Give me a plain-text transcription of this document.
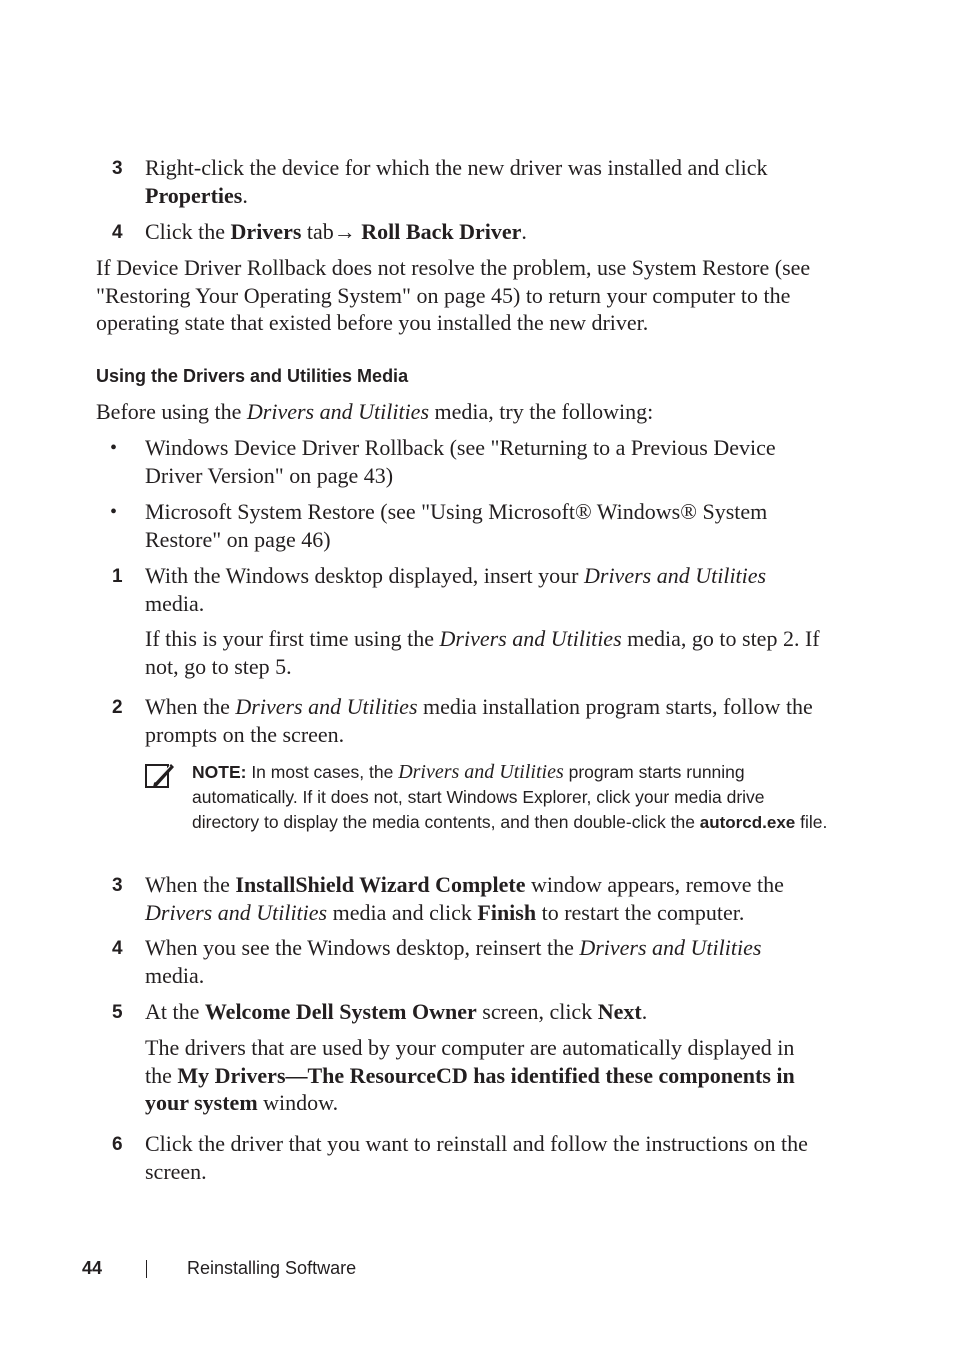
3 Right-click the device for which the new driver was installed and click Properties.
4 Click the Drivers tab→ Roll Back Driver.
If Device Driver Rollback does not resolve the problem, use System Restore (see "Restoring Your Operating System" on page 45) to return your computer to the operating state that existed before you installed the new driver.
Using the Drivers and Utilities Media
Before using the Drivers and Utilities media, try the following:
• Windows Device Driver Rollback (see "Returning to a Previous Device Driver Version" on page 43)
• Microsoft System Restore (see "Using Microsoft® Windows® System Restore" on page 46)
1 With the Windows desktop displayed, insert your Drivers and Utilities media.
If this is your first time using the Drivers and Utilities media, go to step 2. If not, go to step 5.
2 When the Drivers and Utilities media installation program starts, follow the prompts on the screen.
NOTE: In most cases, the Drivers and Utilities program starts running automatically. If it does not, start Windows Explorer, click your media drive directory to display the media contents, and then double-click the autorcd.exe file.
3 When the InstallShield Wizard Complete window appears, remove the Drivers and Utilities media and click Finish to restart the computer.
4 When you see the Windows desktop, reinsert the Drivers and Utilities media.
5 At the Welcome Dell System Owner screen, click Next.
The drivers that are used by your computer are automatically displayed in the My Drivers—The ResourceCD has identified these components in your system window.
6 Click the driver that you want to reinstall and follow the instructions on the screen.
44	Reinstalling Software
